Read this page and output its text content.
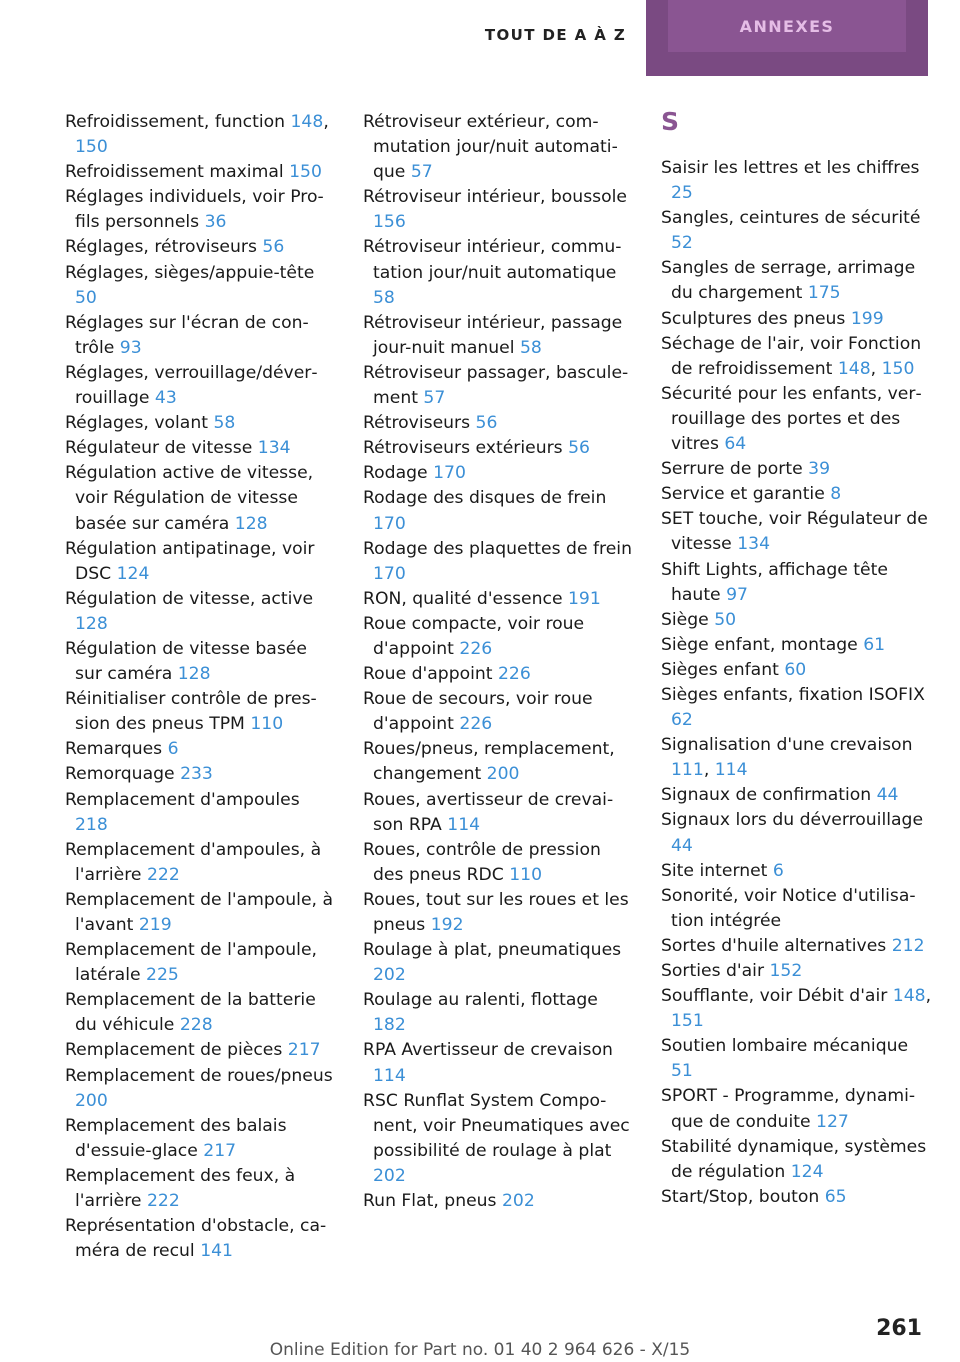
TOUT DE A À Z	ANNEXES
Refroidissement, function 148, 150
Refroidissement maximal 150
Réglages individuels, voir Profils personnels 36
Réglages, rétroviseurs 56
Réglages, sièges/appuie-tête 50
Réglages sur l'écran de contrôle 93
Réglages, verrouillage/déverrouillage 43
Réglages, volant 58
Régulateur de vitesse 134
Régulation active de vitesse, voir Régulation de vitesse basée sur caméra 128
Régulation antipatinage, voir DSC 124
Régulation de vitesse, active 128
Régulation de vitesse basée sur caméra 128
Réinitialiser contrôle de pression des pneus TPM 110
Remarques 6
Remorquage 233
Remplacement d'ampoules 218
Remplacement d'ampoules, à l'arrière 222
Remplacement de l'ampoule, à l'avant 219
Remplacement de l'ampoule, latérale 225
Remplacement de la batterie du véhicule 228
Remplacement de pièces 217
Remplacement de roues/pneus 200
Remplacement des balais d'essuie-glace 217
Remplacement des feux, à l'arrière 222
Représentation d'obstacle, caméra de recul 141
Rétroviseur extérieur, commutation jour/nuit automatique 57
Rétroviseur intérieur, boussole 156
Rétroviseur intérieur, commutation jour/nuit automatique 58
Rétroviseur intérieur, passage jour-nuit manuel 58
Rétroviseur passager, basculement 57
Rétroviseurs 56
Rétroviseurs extérieurs 56
Rodage 170
Rodage des disques de frein 170
Rodage des plaquettes de frein 170
RON, qualité d'essence 191
Roue compacte, voir roue d'appoint 226
Roue d'appoint 226
Roue de secours, voir roue d'appoint 226
Roues/pneus, remplacement, changement 200
Roues, avertisseur de crevaison RPA 114
Roues, contrôle de pression des pneus RDC 110
Roues, tout sur les roues et les pneus 192
Roulage à plat, pneumatiques 202
Roulage au ralenti, flottage 182
RPA Avertisseur de crevaison 114
RSC Runflat System Component, voir Pneumatiques avec possibilité de roulage à plat 202
Run Flat, pneus 202
S
Saisir les lettres et les chiffres 25
Sangles, ceintures de sécurité 52
Sangles de serrage, arrimage du chargement 175
Sculptures des pneus 199
Séchage de l'air, voir Fonction de refroidissement 148, 150
Sécurité pour les enfants, verrouillage des portes et des vitres 64
Serrure de porte 39
Service et garantie 8
SET touche, voir Régulateur de vitesse 134
Shift Lights, affichage tête haute 97
Siège 50
Siège enfant, montage 61
Sièges enfant 60
Sièges enfants, fixation ISOFIX 62
Signalisation d'une crevaison 111, 114
Signaux de confirmation 44
Signaux lors du déverrouillage 44
Site internet 6
Sonorité, voir Notice d'utilisation intégrée
Sortes d'huile alternatives 212
Sorties d'air 152
Soufflante, voir Débit d'air 148, 151
Soutien lombaire mécanique 51
SPORT - Programme, dynamique de conduite 127
Stabilité dynamique, systèmes de régulation 124
Start/Stop, bouton 65
261
Online Edition for Part no. 01 40 2 964 626 - X/15
